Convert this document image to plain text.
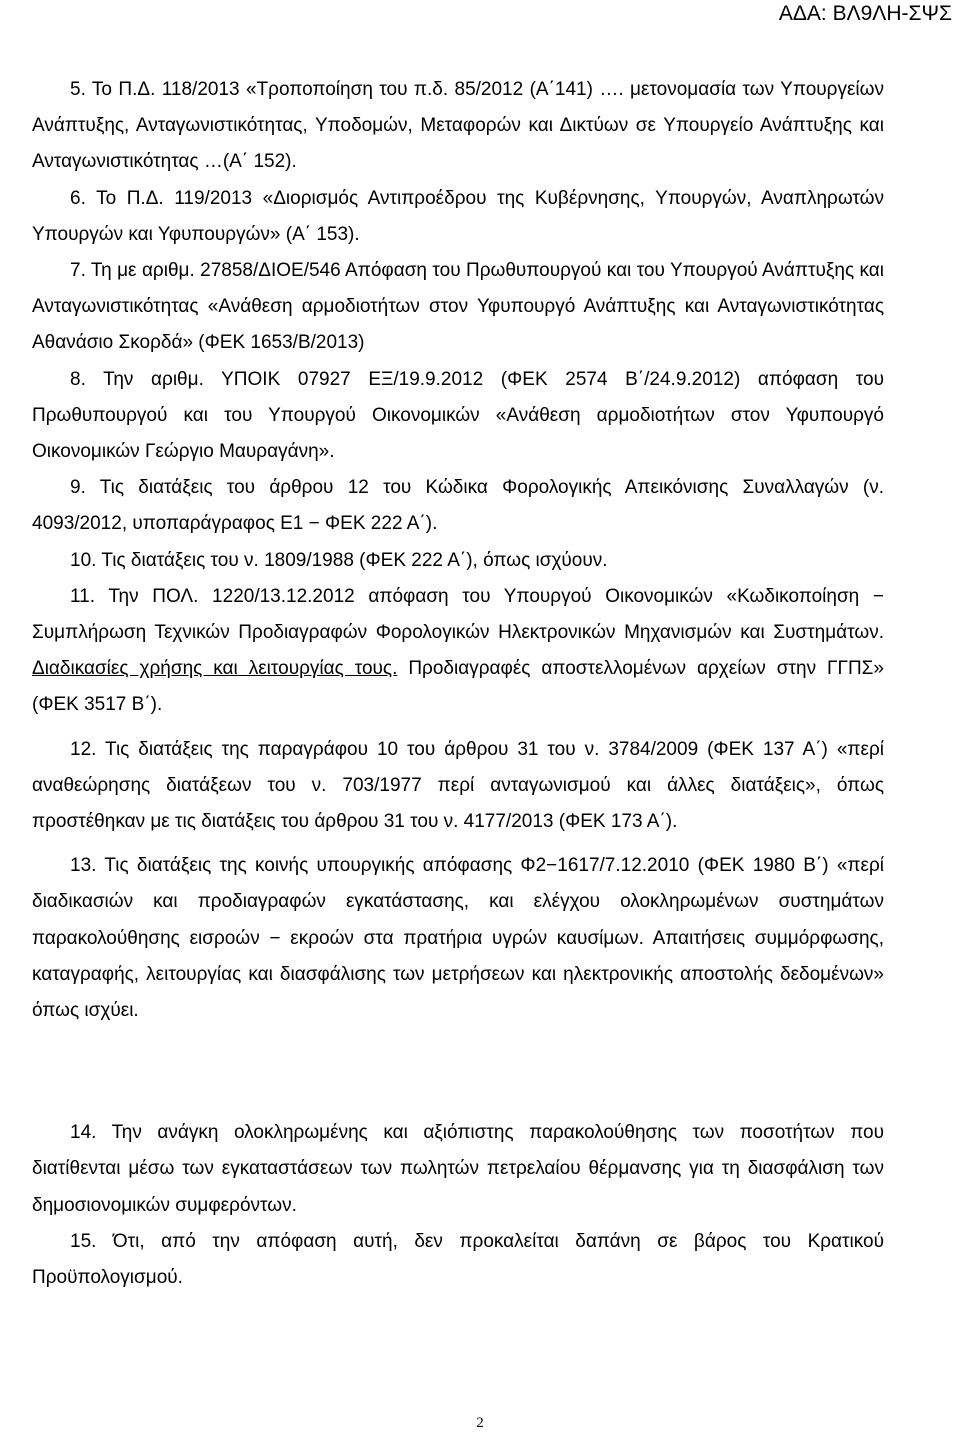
ΑΔΑ: ΒΛ9ΛΗ-ΣΨΣ

5. Το Π.Δ. 118/2013 «Τροποποίηση του π.δ. 85/2012 (Α΄141) …. μετονομασία των Υπουργείων Ανάπτυξης, Ανταγωνιστικότητας, Υποδομών, Μεταφορών και Δικτύων σε Υπουργείο Ανάπτυξης και Ανταγωνιστικότητας …(Α΄ 152).

6. Το Π.Δ. 119/2013 «Διορισμός Αντιπροέδρου της Κυβέρνησης, Υπουργών, Αναπληρωτών Υπουργών και Υφυπουργών» (Α΄ 153).

7. Τη με αριθμ. 27858/ΔΙΟΕ/546 Απόφαση του Πρωθυπουργού και του Υπουργού Ανάπτυξης και Ανταγωνιστικότητας «Ανάθεση αρμοδιοτήτων στον Υφυπουργό Ανάπτυξης και Ανταγωνιστικότητας Αθανάσιο Σκορδά» (ΦΕΚ 1653/Β/2013)

8. Την αριθμ. ΥΠΟΙΚ 07927 ΕΞ/19.9.2012 (ΦΕΚ 2574 Β΄/24.9.2012) απόφαση του Πρωθυπουργού και του Υπουργού Οικονομικών «Ανάθεση αρμοδιοτήτων στον Υφυπουργό Οικονομικών Γεώργιο Μαυραγάνη».

9. Τις διατάξεις του άρθρου 12 του Κώδικα Φορολογικής Απεικόνισης Συναλλαγών (ν. 4093/2012, υποπαράγραφος Ε1 − ΦΕΚ 222 Α΄).

10. Τις διατάξεις του ν. 1809/1988 (ΦΕΚ 222 Α΄), όπως ισχύουν.

11. Την ΠΟΛ. 1220/13.12.2012 απόφαση του Υπουργού Οικονομικών «Κωδικοποίηση − Συμπλήρωση Τεχνικών Προδιαγραφών Φορολογικών Ηλεκτρονικών Μηχανισμών και Συστημάτων. Διαδικασίες χρήσης και λειτουργίας τους. Προδιαγραφές αποστελλομένων αρχείων στην ΓΓΠΣ» (ΦΕΚ 3517 Β΄).

12. Τις διατάξεις της παραγράφου 10 του άρθρου 31 του ν. 3784/2009 (ΦΕΚ 137 Α΄) «περί αναθεώρησης διατάξεων του ν. 703/1977 περί ανταγωνισμού και άλλες διατάξεις», όπως προστέθηκαν με τις διατάξεις του άρθρου 31 του ν. 4177/2013 (ΦΕΚ 173 Α΄).

13. Τις διατάξεις της κοινής υπουργικής απόφασης Φ2−1617/7.12.2010 (ΦΕΚ 1980 Β΄) «περί διαδικασιών και προδιαγραφών εγκατάστασης, και ελέγχου ολοκληρωμένων συστημάτων παρακολούθησης εισροών − εκροών στα πρατήρια υγρών καυσίμων. Απαιτήσεις συμμόρφωσης, καταγραφής, λειτουργίας και διασφάλισης των μετρήσεων και ηλεκτρονικής αποστολής δεδομένων» όπως ισχύει.

14. Την ανάγκη ολοκληρωμένης και αξιόπιστης παρακολούθησης των ποσοτήτων που διατίθενται μέσω των εγκαταστάσεων των πωλητών πετρελαίου θέρμανσης για τη διασφάλιση των δημοσιονομικών συμφερόντων.

15. Ότι, από την απόφαση αυτή, δεν προκαλείται δαπάνη σε βάρος του Κρατικού Προϋπολογισμού.

2
